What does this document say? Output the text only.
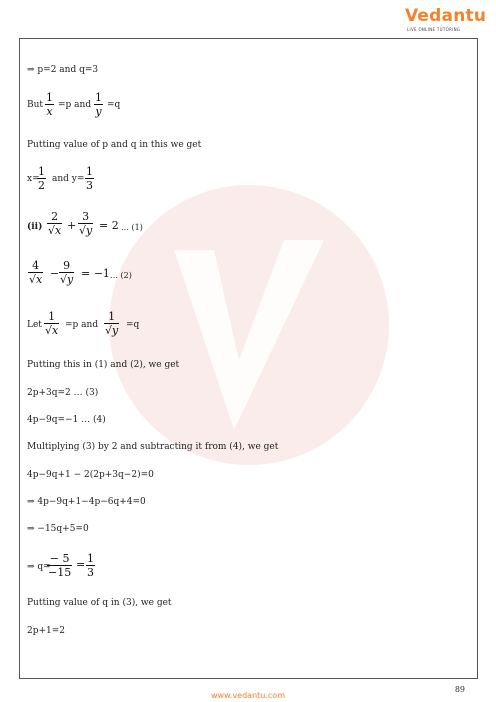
Vedantu
LIVE ONLINE TUTORING
⇒ p=2 and q=3
But $\frac{1}{x} =p$ and $\frac{1}{y} =q$
Putting value of p and q in this we get
x=
$\frac{1}{2}$ and $y= \frac{1}{3}$
$(ii) \frac{2}{√x} + \frac{3}{√y} = 2$ … (1)
$\frac{4}{√x} - \frac{9}{√y} = -1$ … (2)
Let $\frac{1}{√x} =p$ and $\frac{1}{√y} =q$
Putting this in (1) and (2), we get
2p+3q=2 … (3)
4p−9q=−1 … (4)
Multiplying (3) by 2 and subtracting it from (4), we get
4p−9q+1 − 2(2p+3q−2)=0
⇒ 4p−9q+1−4p−6q+4=0
⇒ −15q+5=0
⇒ q=
$\frac{- 5}{-15} = \frac{1}{3}$
Putting value of q in (3), we get
2p+1=2
89
www.vedantu.com
